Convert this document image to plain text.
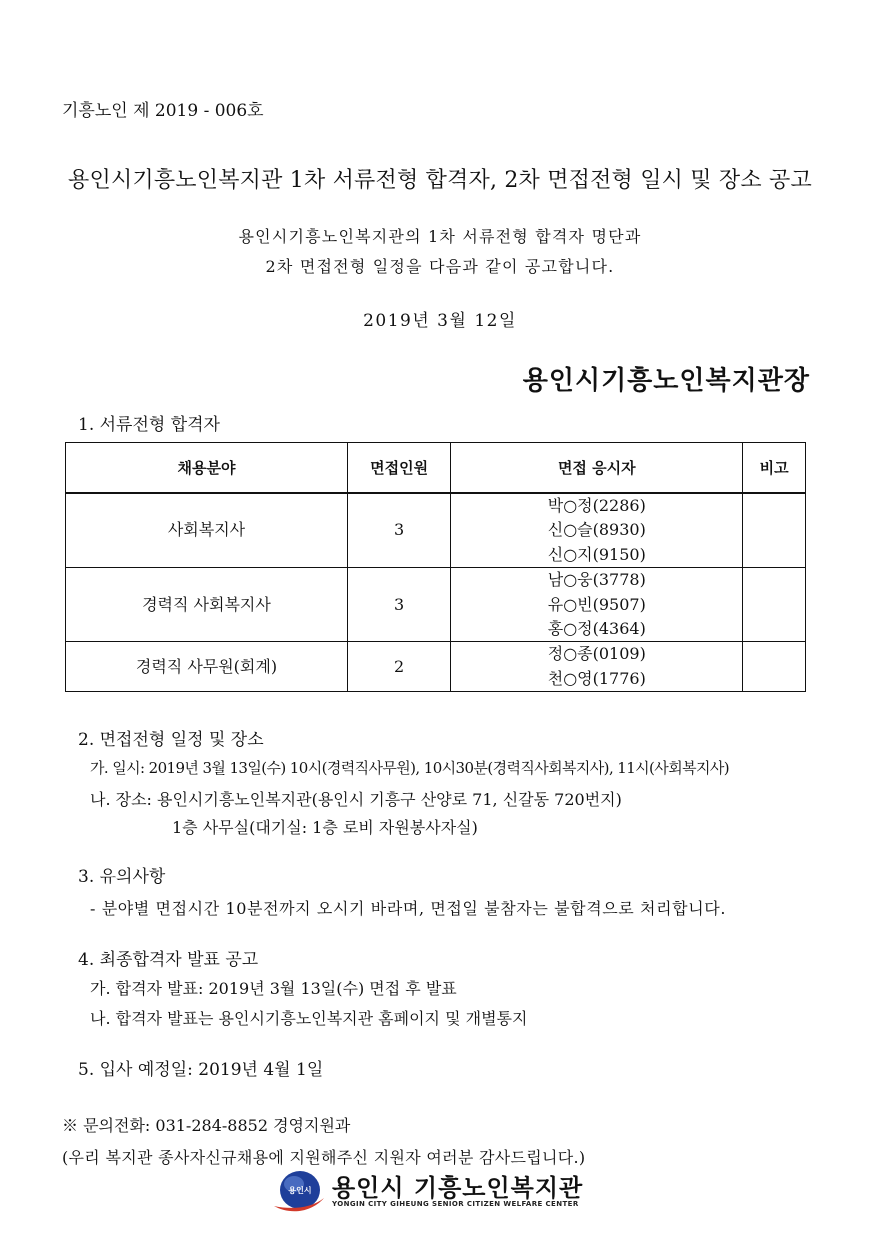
기흥노인 제 2019 - 006호
용인시기흥노인복지관 1차 서류전형 합격자, 2차 면접전형 일시 및 장소 공고
용인시기흥노인복지관의 1차 서류전형 합격자 명단과
2차 면접전형 일정을 다음과 같이 공고합니다.
2019년 3월 12일
용인시기흥노인복지관장
1. 서류전형 합격자
채용분야	면접인원	면접 응시자	비고
사회복지사	3	박○정(2286)
신○슬(8930)
신○지(9150)	

경력직 사회복지사	3	남○웅(3778)
유○빈(9507)
홍○정(4364)	

경력직 사무원(회계)	2	정○종(0109)
천○영(1776)	

2. 면접전형 일정 및 장소
가. 일시: 2019년 3월 13일(수) 10시(경력직사무원), 10시30분(경력직사회복지사), 11시(사회복지사)
나. 장소: 용인시기흥노인복지관(용인시 기흥구 산양로 71, 신갈동 720번지)
1층 사무실(대기실: 1층 로비 자원봉사자실)
3. 유의사항
- 분야별 면접시간 10분전까지 오시기 바라며, 면접일 불참자는 불합격으로 처리합니다.
4. 최종합격자 발표 공고
가. 합격자 발표: 2019년 3월 13일(수) 면접 후 발표
나. 합격자 발표는 용인시기흥노인복지관 홈페이지 및 개별통지
5. 입사 예정일: 2019년 4월 1일
※ 문의전화: 031-284-8852 경영지원과
(우리 복지관 종사자신규채용에 지원해주신 지원자 여러분 감사드립니다.)
용인시 용인시 기흥노인복지관
YONGIN CITY GIHEUNG SENIOR CITIZEN WELFARE CENTER
